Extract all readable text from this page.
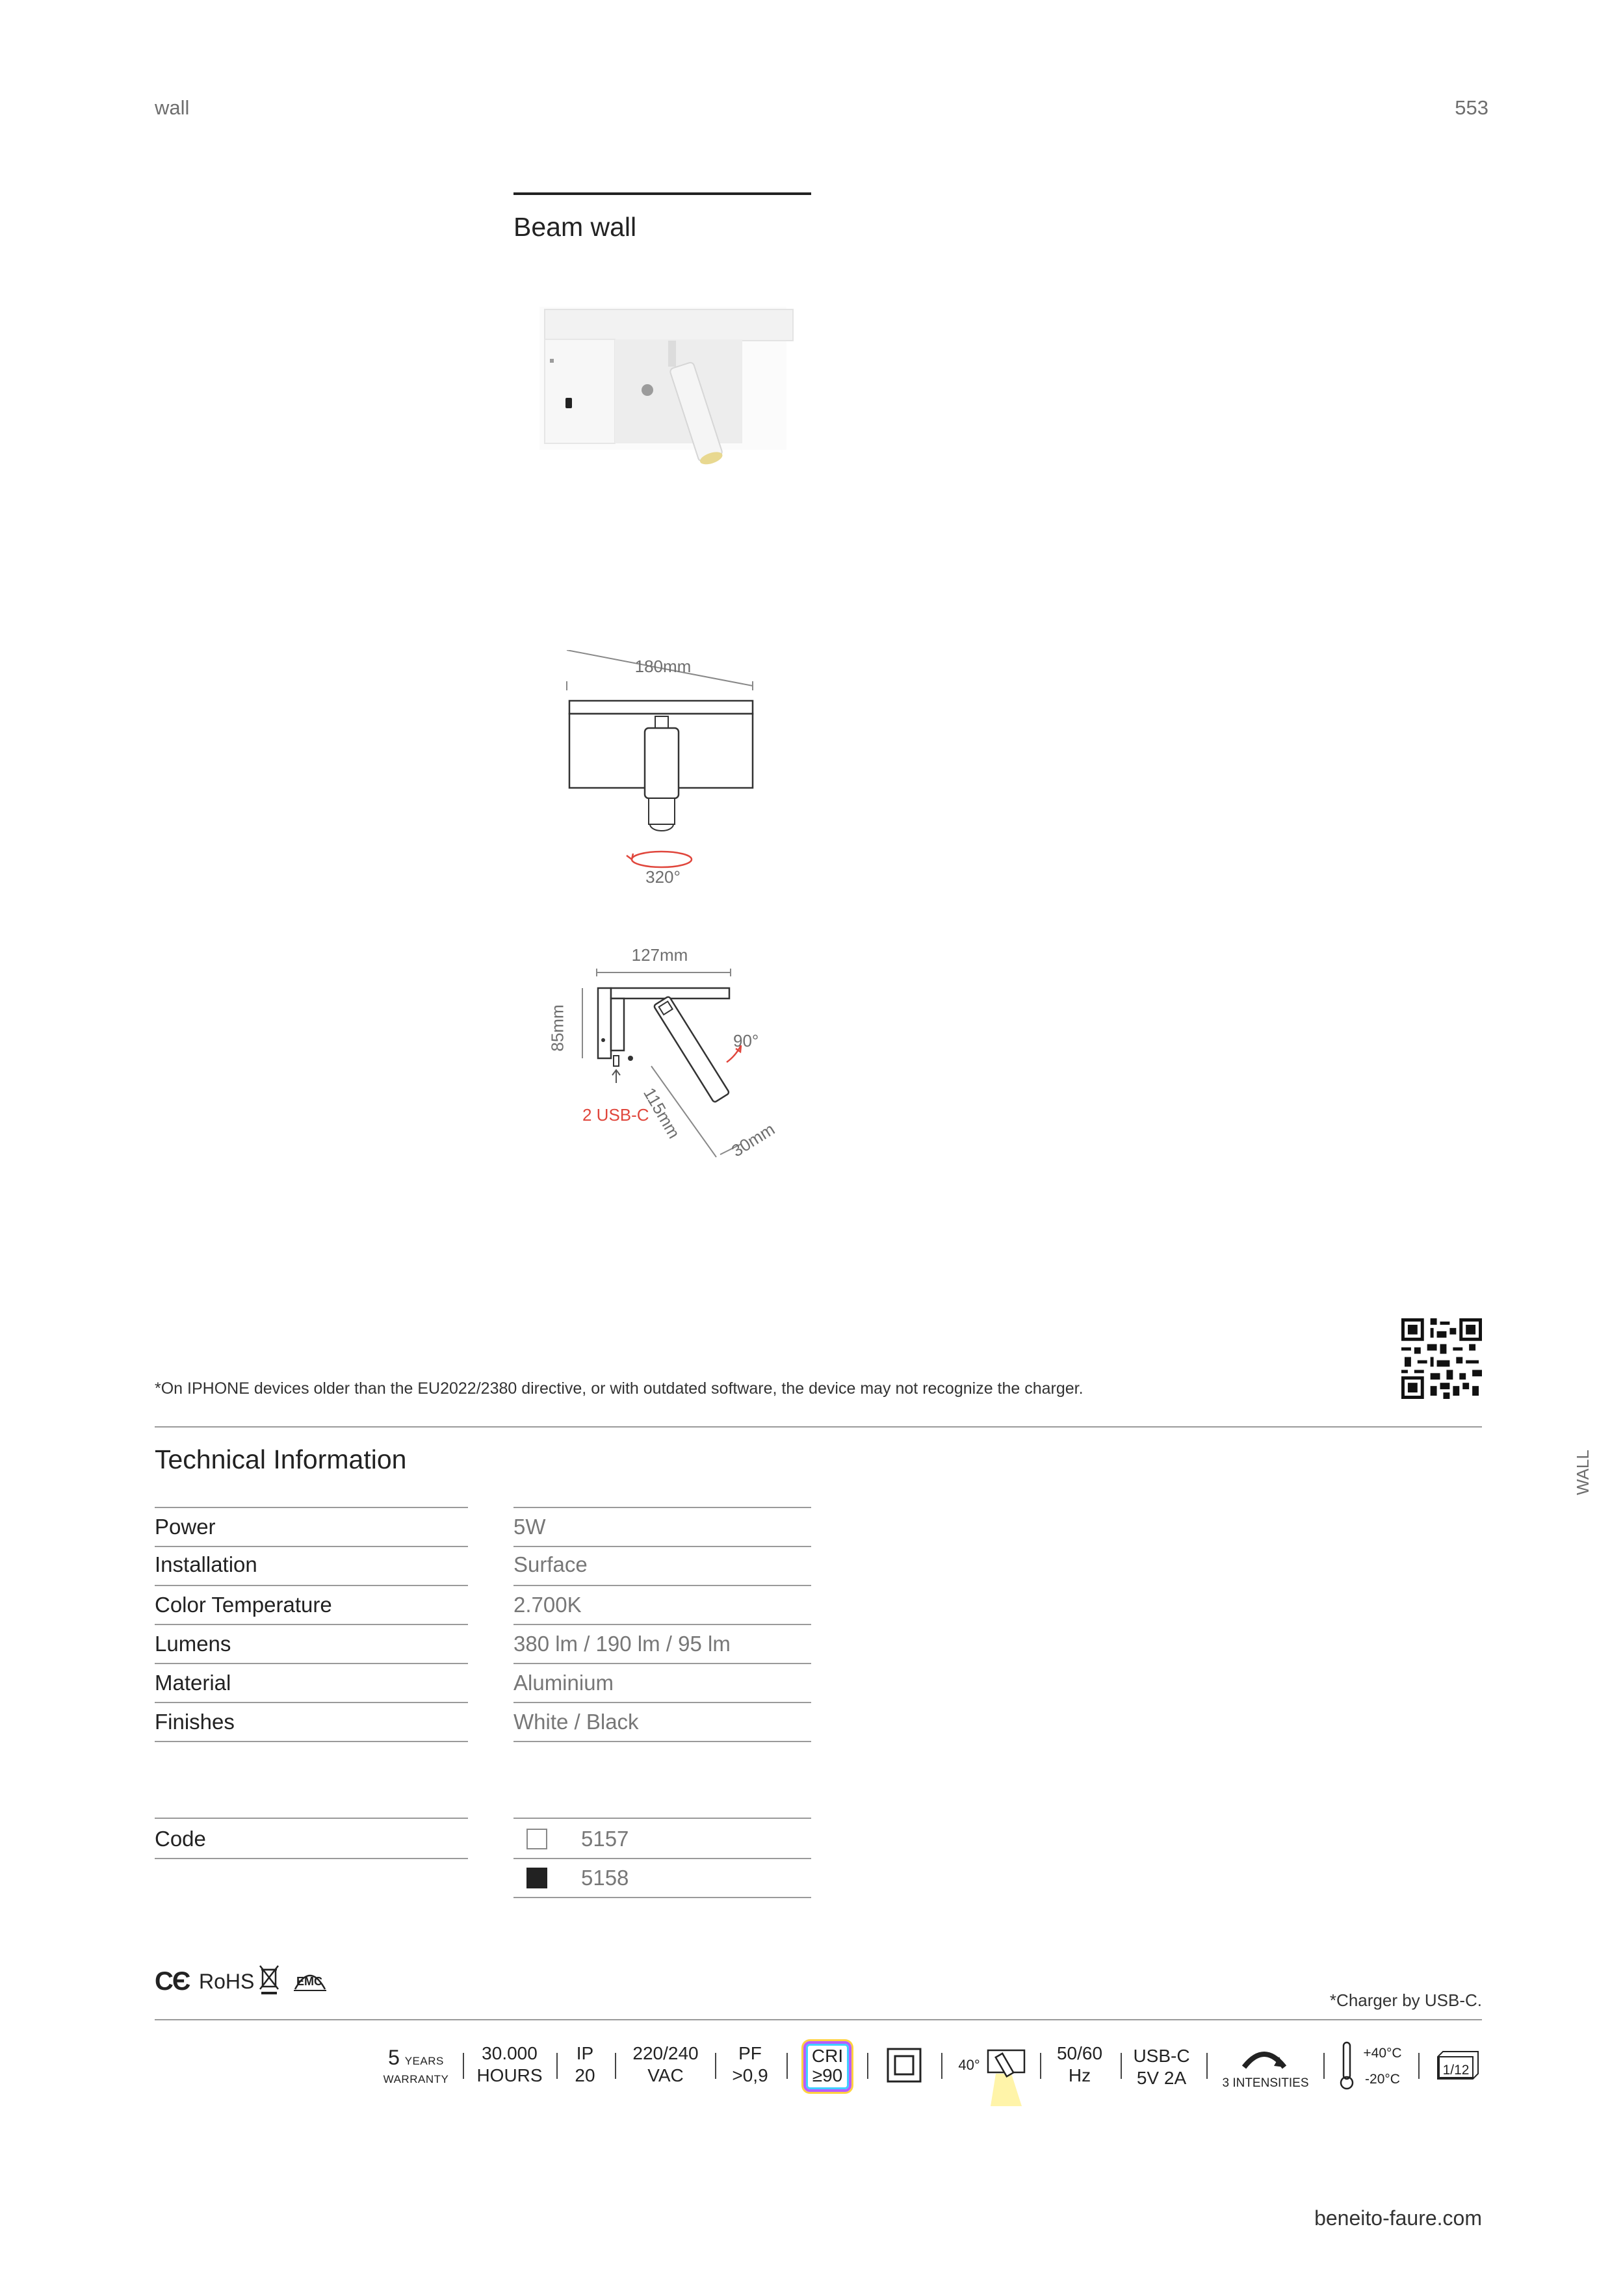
wall	553
Beam wall
180mm
320°
127mm
85mm	90°
115mm	30mm
2 USB-C
*On IPHONE devices older than the EU2022/2380 directive, or with outdated software, the device may not recognize the charger.
Technical Information
Power	5W
Installation	Surface
Color Temperature	2.700K
Lumens	380 lm / 190 lm / 95 lm
Material	Aluminium
Finishes	White / Black
Code	5157
5158
WALL
CЄ RoHS	EMC
*Charger by USB-C.
5 YEARS
WARRANTY
30.000
HOURS
IP
20
220/240
VAC
PF
>0,9
CRI
≥90
40°
50/60
Hz
USB-C
5V 2A	3 INTENSITIES
+40°C
-20°C
1/12
beneito-faure.com
